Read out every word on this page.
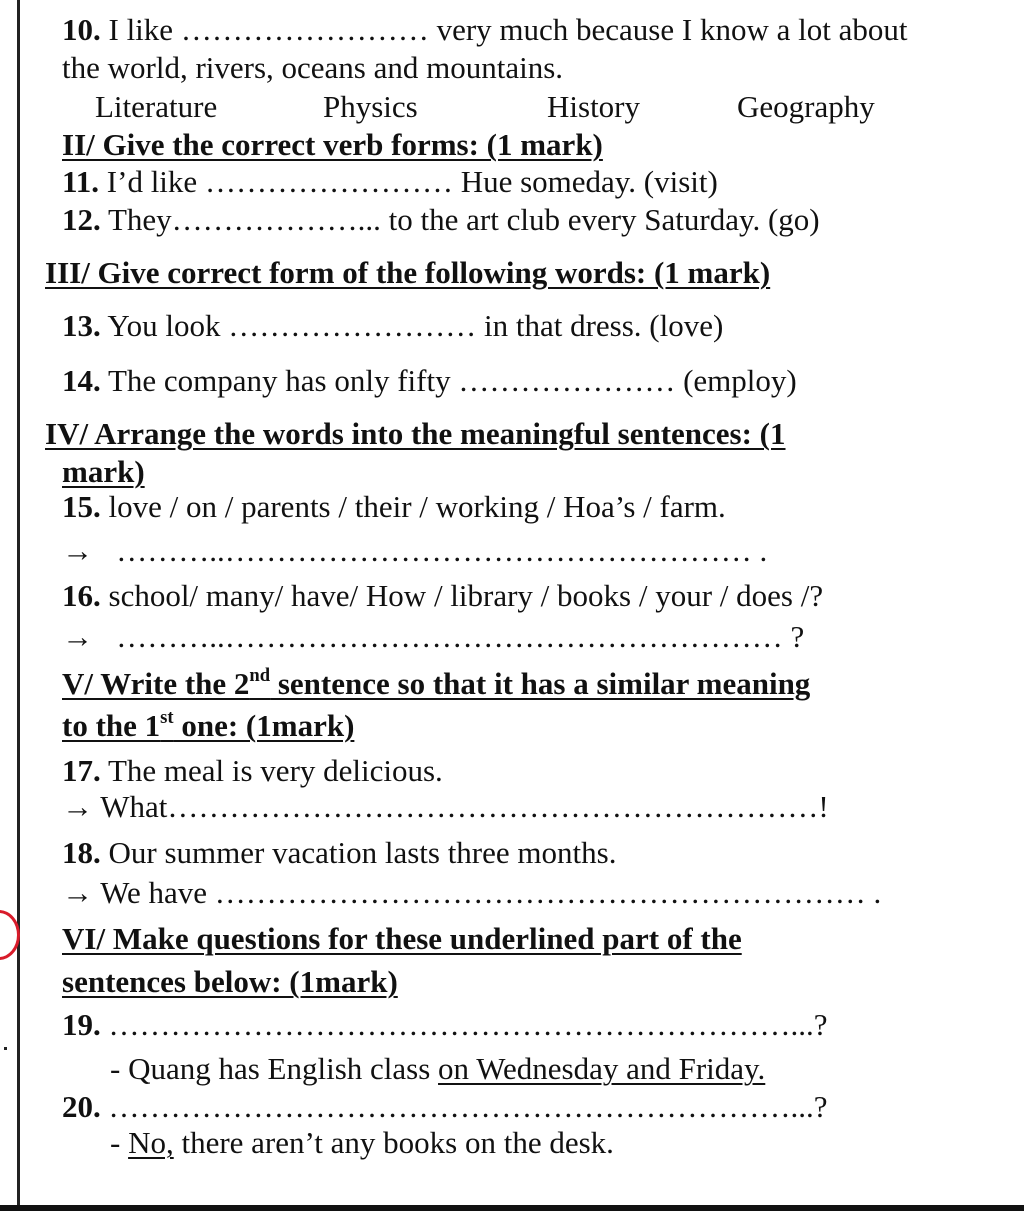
10. I like …………………… very much because I know a lot about
the world, rivers, oceans and mountains.
Literature	Physics	History	Geography
II/ Give the correct verb forms: (1 mark)
11. I’d like …………………… Hue someday. (visit)
12. They………………... to the art club every Saturday. (go)
III/ Give correct form of the following words: (1 mark)
13. You look …………………… in that dress. (love)
14. The company has only fifty ………………… (employ)
IV/ Arrange the words into the meaningful sentences: (1
mark)
15. love / on / parents / their / working / Hoa’s / farm.
→ ………..…………………………………………… .
16. school/ many/ have/ How / library / books / your / does /?
→ ………..……………………………………………… ?
V/ Write the 2nd sentence so that it has a similar meaning
to the 1st one: (1mark)
17. The meal is very delicious.
→ What………………………………………………………!
18. Our summer vacation lasts three months.
→ We have ……………………………………………………… .
VI/ Make questions for these underlined part of the
sentences below: (1mark)
19. …………………………………………………………...?
- Quang has English class on Wednesday and Friday.
20. …………………………………………………………...?
- No, there aren’t any books on the desk.
